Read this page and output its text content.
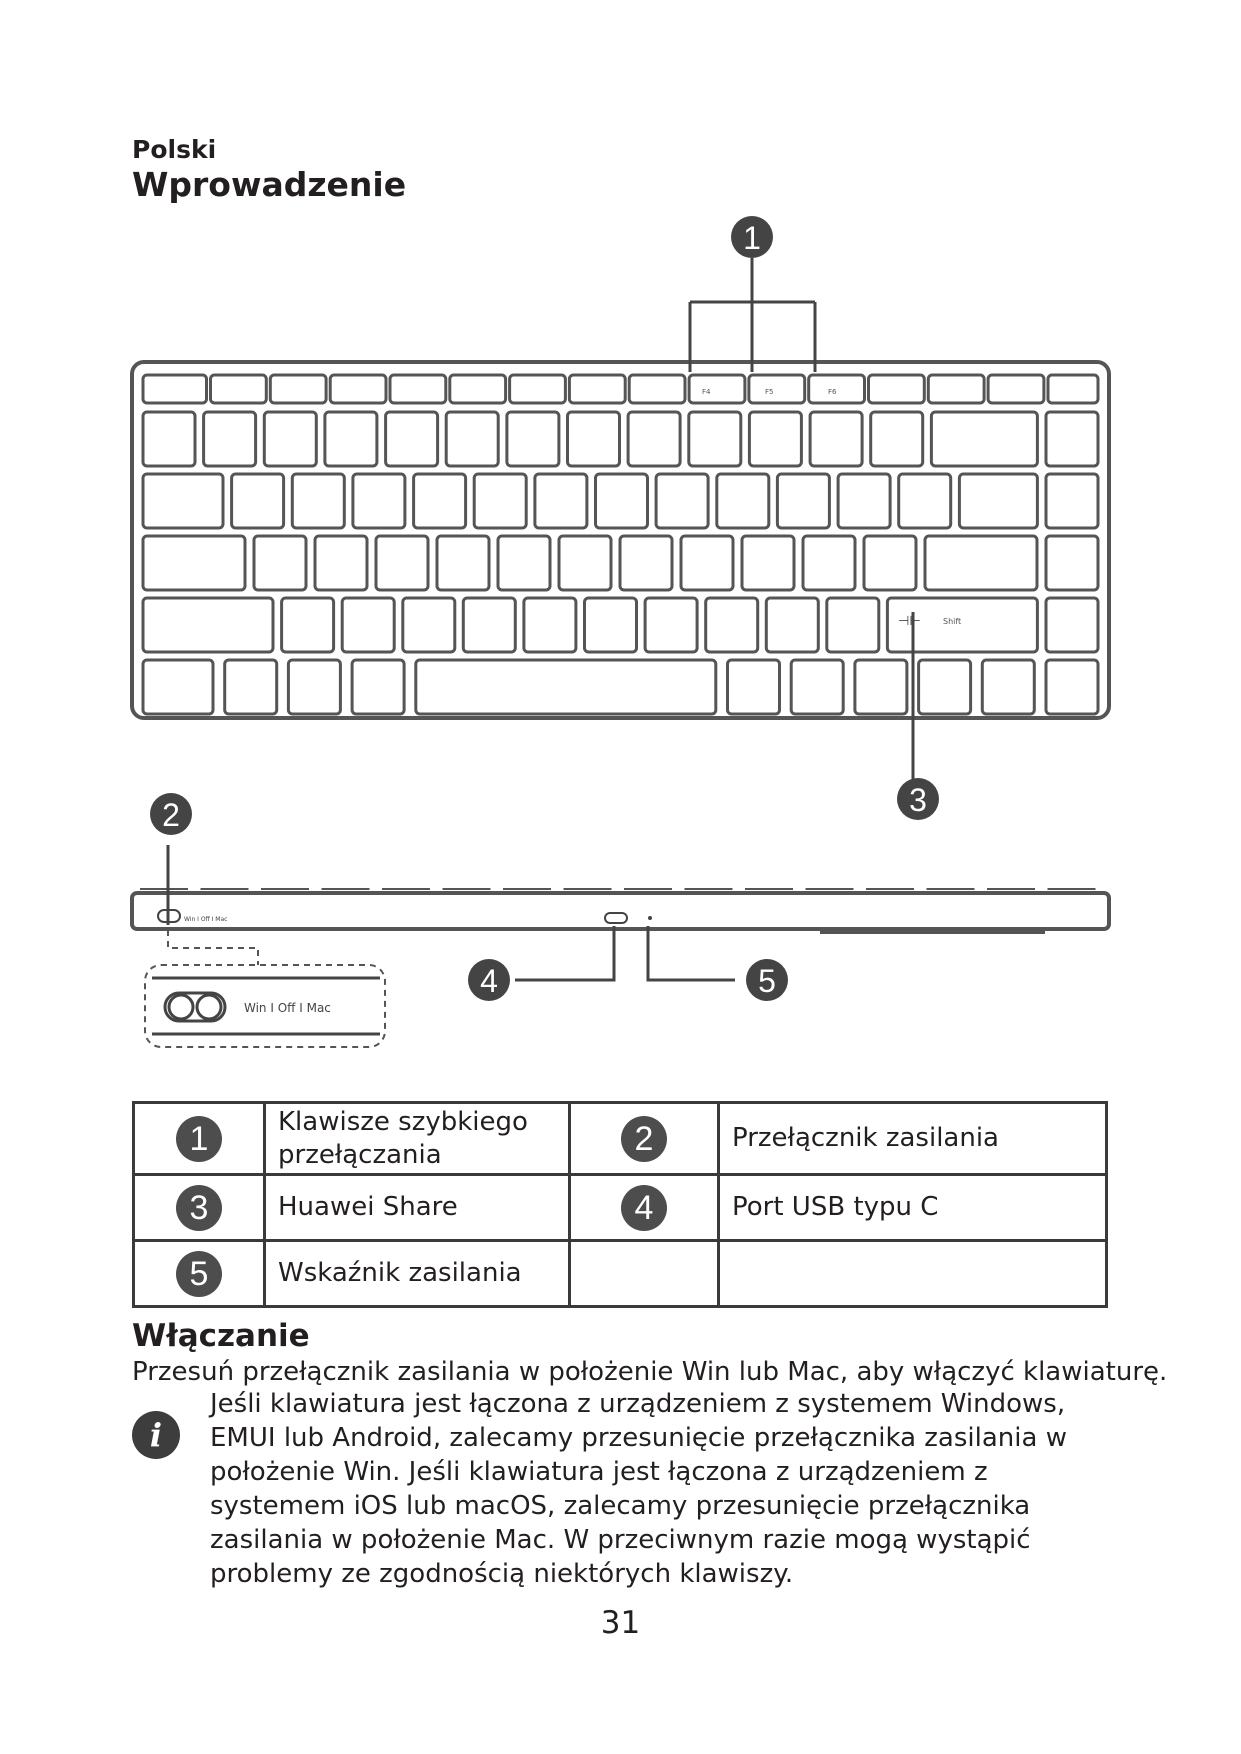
Polski
Wprowadzenie
1
F4	F5	F6
Shift
⊣⊢
3
Win I Off I Mac
2
Win I Off I Mac
4	5
1	Klawisze szybkiego przełączania	2	Przełącznik zasilania
3	Huawei Share	4	Port USB typu C
5	Wskaźnik zasilania		
Włączanie
Przesuń przełącznik zasilania w położenie Win lub Mac, aby włączyć klawiaturę.
i
Jeśli klawiatura jest łączona z urządzeniem z systemem Windows, EMUI lub Android, zalecamy przesunięcie przełącznika zasilania w położenie Win. Jeśli klawiatura jest łączona z urządzeniem z systemem iOS lub macOS, zalecamy przesunięcie przełącznika zasilania w położenie Mac. W przeciwnym razie mogą wystąpić problemy ze zgodnością niektórych klawiszy.
31
